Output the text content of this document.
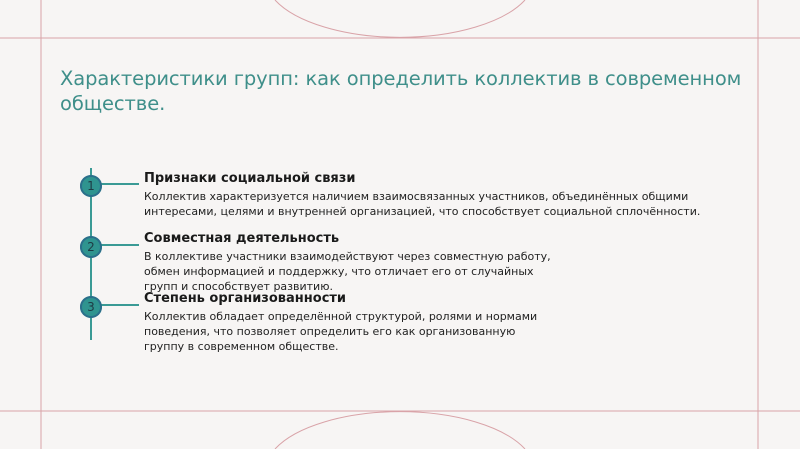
Характеристики групп: как определить коллектив в современном обществе.
1	Признаки социальной связи

Коллектив характеризуется наличием взаимосвязанных участников, объединённых общими интересами, целями и внутренней организацией, что способствует социальной сплочённости.

2
Совместная деятельность

В коллективе участники взаимодействуют через совместную работу, обмен информацией и поддержку, что отличает его от случайных групп и способствует развитию.

3
Степень организованности

Коллектив обладает определённой структурой, ролями и нормами поведения, что позволяет определить его как организованную группу в современном обществе.
